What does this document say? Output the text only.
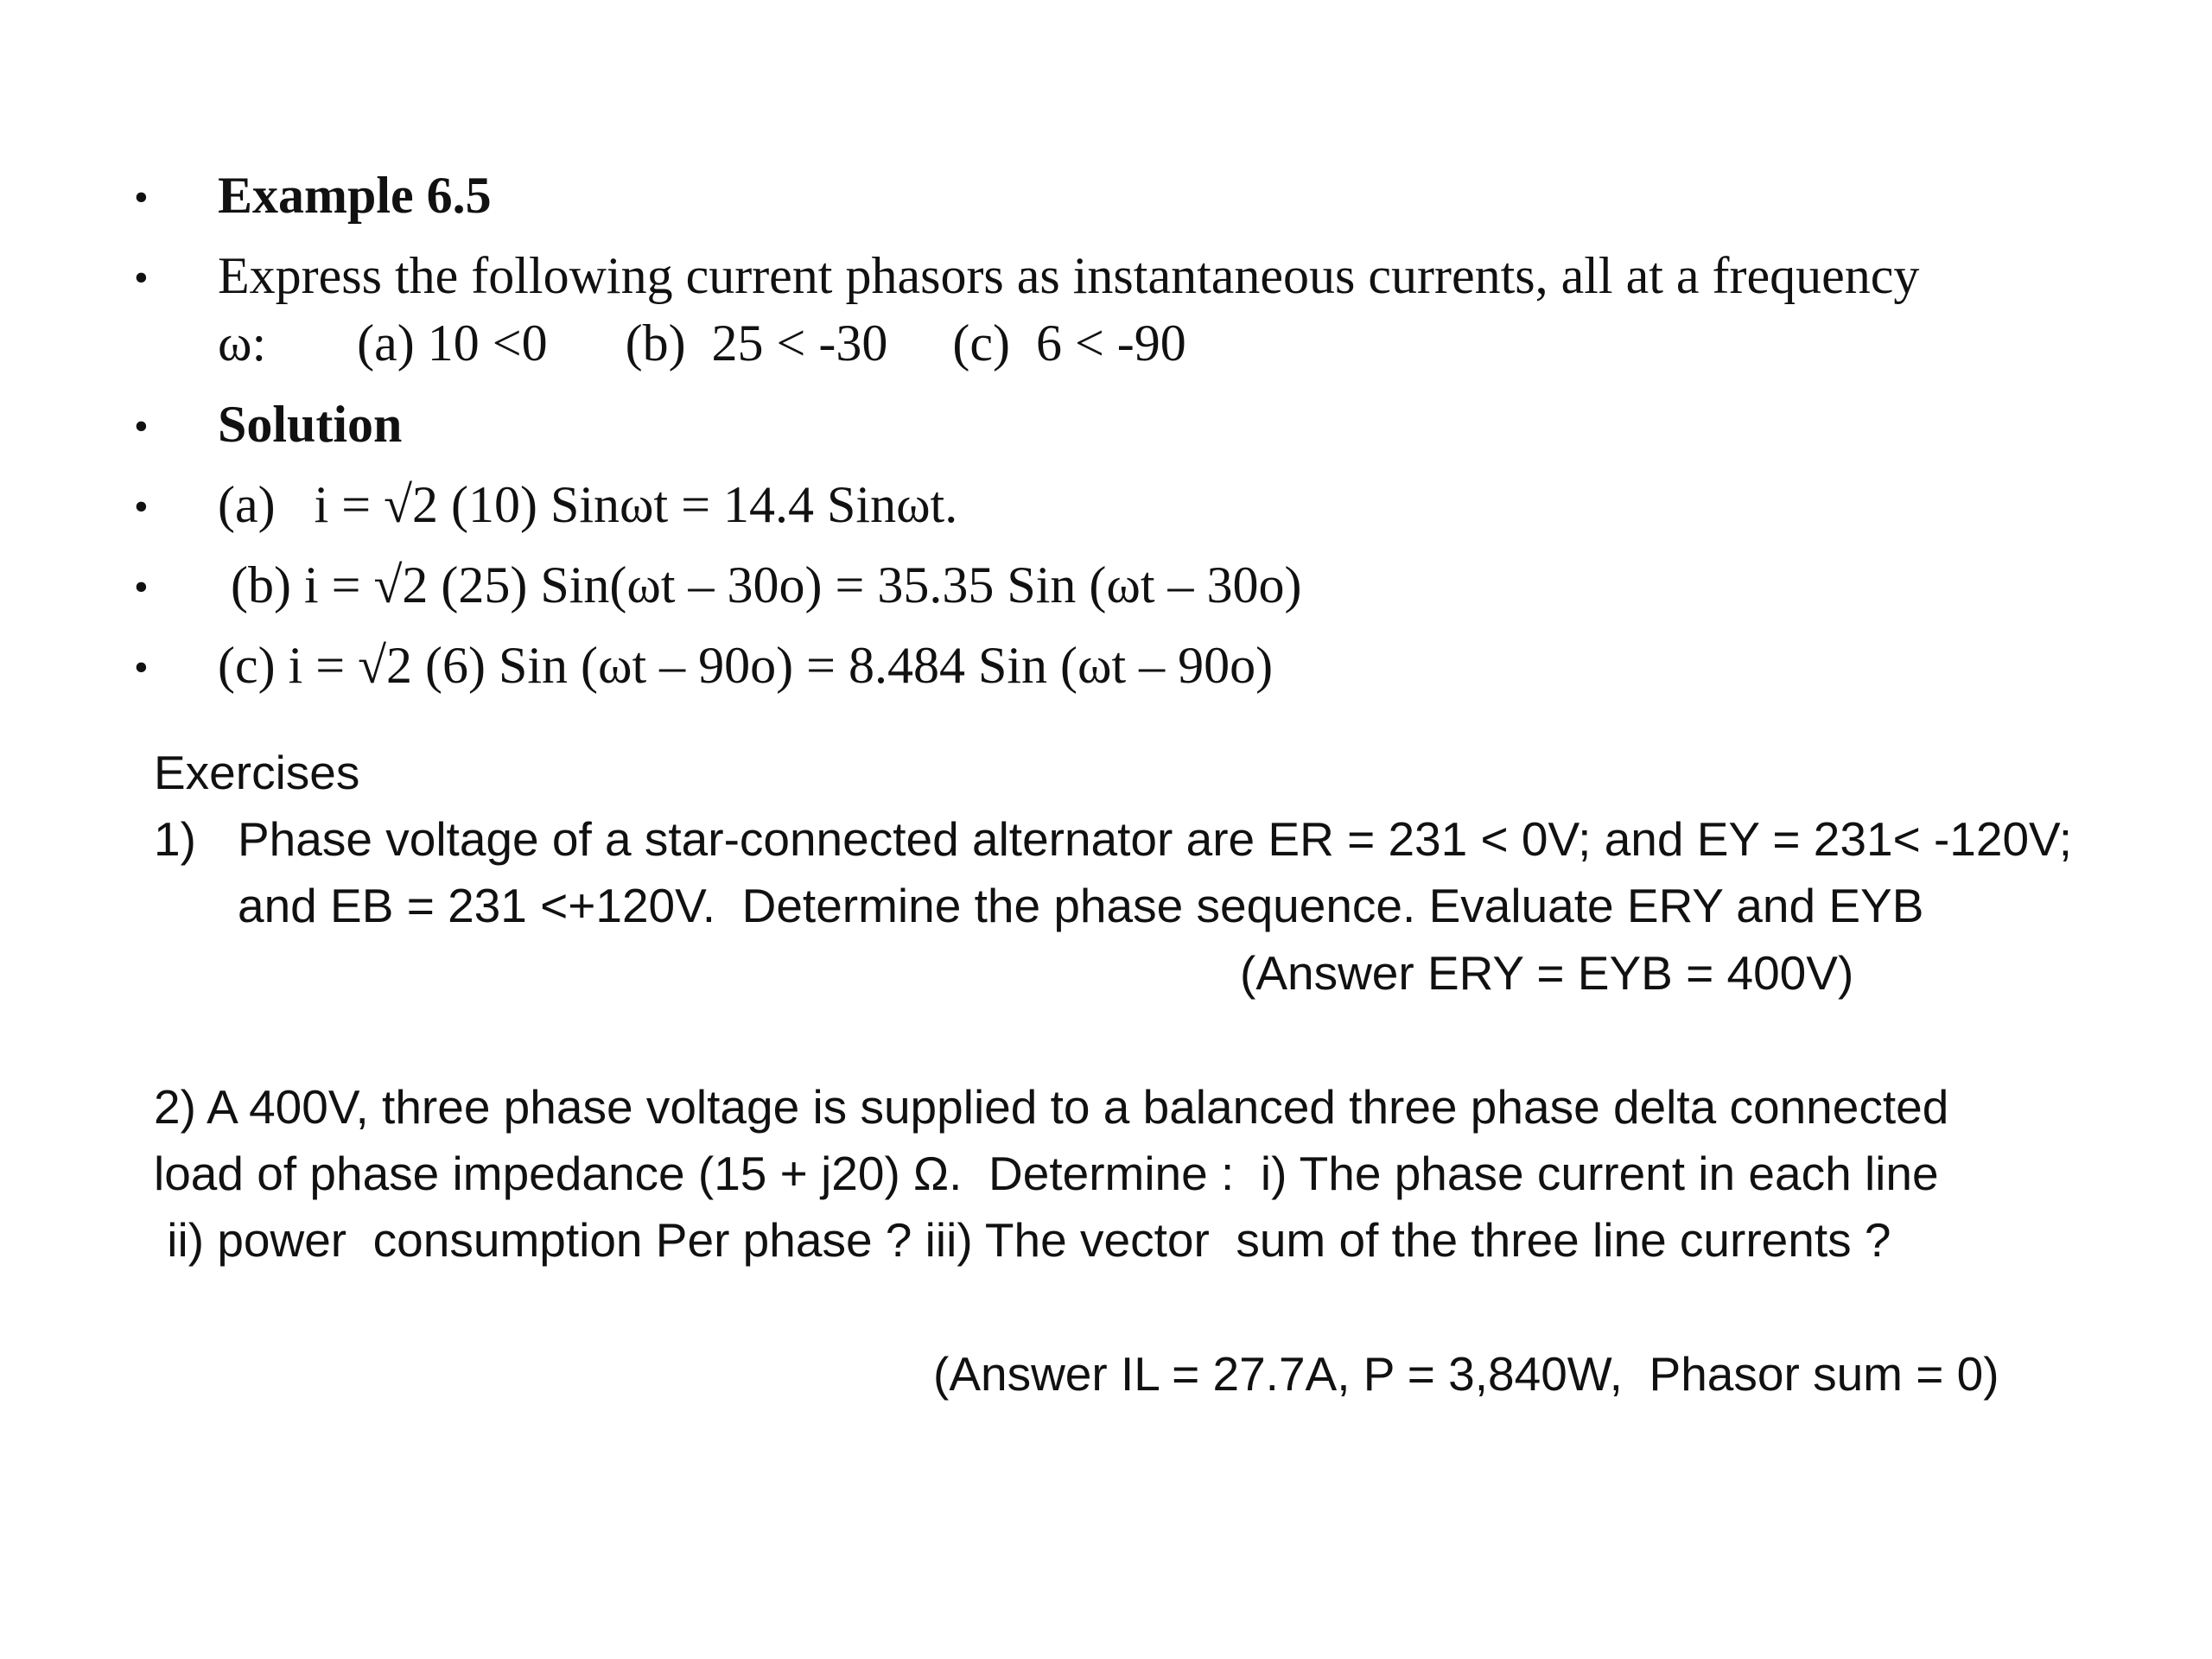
• Example 6.5
• Express the following current phasors as instantaneous currents, all at a frequency
ω:       (a) 10 <0      (b)  25 < -30     (c)  6 < -90
• Solution
• (a)   i = √2 (10) Sinωt = 14.4 Sinωt.
• (b) i = √2 (25) Sin(ωt – 30o) = 35.35 Sin (ωt – 30o)
• (c) i = √2 (6) Sin (ωt – 90o) = 8.484 Sin (ωt – 90o)
Exercises
1) Phase voltage of a star-connected alternator are ER = 231 < 0V; and EY = 231< -120V;
and EB = 231 <+120V.  Determine the phase sequence. Evaluate ERY and EYB
(Answer ERY = EYB = 400V)
2) A 400V, three phase voltage is supplied to a balanced three phase delta connected
load of phase impedance (15 + j20) Ω.  Determine :  i) The phase current in each line
ii) power  consumption Per phase ? iii) The vector  sum of the three line currents ?
(Answer IL = 27.7A, P = 3,840W,  Phasor sum = 0)
